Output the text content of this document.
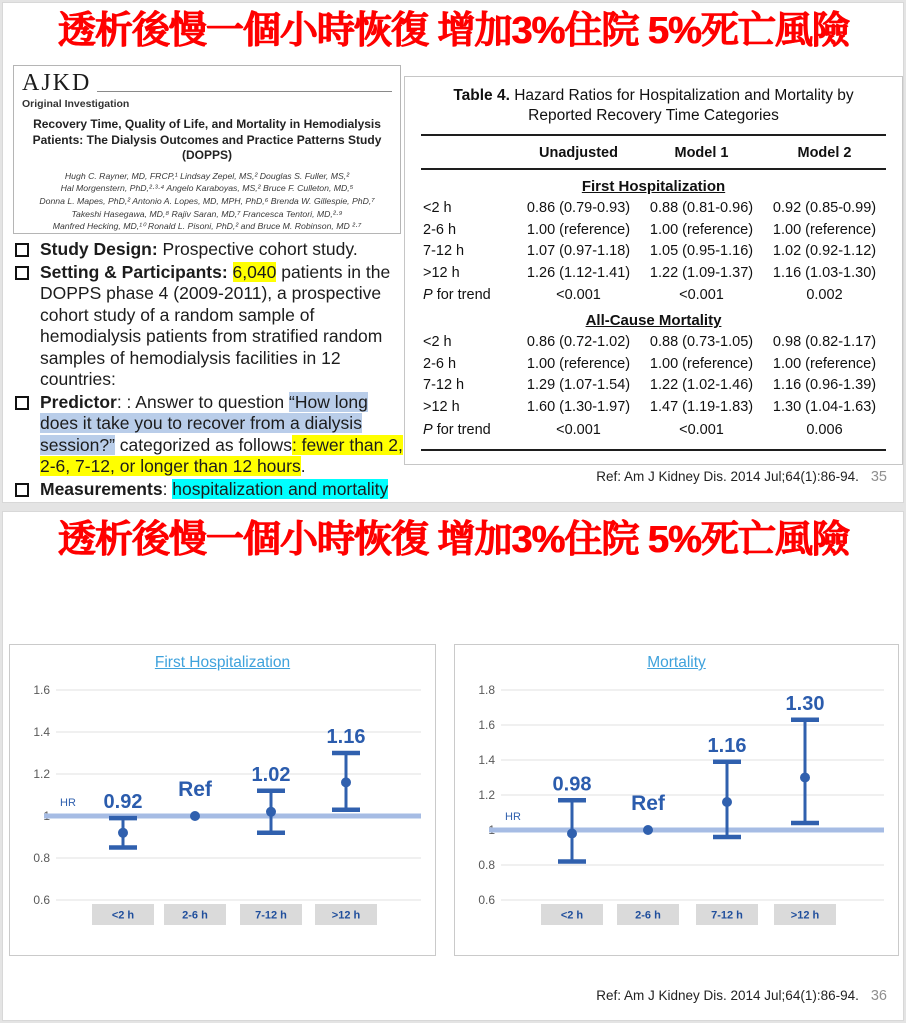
透析後慢一個小時恢復 增加3%住院 5%死亡風險
AJKD
Original Investigation
Recovery Time, Quality of Life, and Mortality in Hemodialysis Patients: The Dialysis Outcomes and Practice Patterns Study (DOPPS)
Hugh C. Rayner, MD, FRCP,¹ Lindsay Zepel, MS,² Douglas S. Fuller, MS,²
Hal Morgenstern, PhD,²·³·⁴ Angelo Karaboyas, MS,² Bruce F. Culleton, MD,⁵
Donna L. Mapes, PhD,² Antonio A. Lopes, MD, MPH, PhD,⁶ Brenda W. Gillespie, PhD,⁷
Takeshi Hasegawa, MD,⁸ Rajiv Saran, MD,⁷ Francesca Tentori, MD,²·⁹
Manfred Hecking, MD,¹⁰ Ronald L. Pisoni, PhD,² and Bruce M. Robinson, MD ²·⁷
Study Design: Prospective cohort study.
Setting & Participants: 6,040 patients in the DOPPS phase 4 (2009-2011), a prospective cohort study of a random sample of hemodialysis patients from stratified random samples of hemodialysis facilities in 12 countries:
Predictor: : Answer to question “How long does it take you to recover from a dialysis session?” categorized as follows: fewer than 2, 2-6, 7-12, or longer than 12 hours.
Measurements: hospitalization and mortality
Table 4. Hazard Ratios for Hospitalization and Mortality by Reported Recovery Time Categories
Unadjusted	Model 1	Model 2
First Hospitalization
<2 h	0.86 (0.79-0.93)	0.88 (0.81-0.96)	0.92 (0.85-0.99)
2-6 h	1.00 (reference)	1.00 (reference)	1.00 (reference)
7-12 h	1.07 (0.97-1.18)	1.05 (0.95-1.16)	1.02 (0.92-1.12)
>12 h	1.26 (1.12-1.41)	1.22 (1.09-1.37)	1.16 (1.03-1.30)
P for trend	<0.001	<0.001	0.002
All-Cause Mortality
<2 h	0.86 (0.72-1.02)	0.88 (0.73-1.05)	0.98 (0.82-1.17)
2-6 h	1.00 (reference)	1.00 (reference)	1.00 (reference)
7-12 h	1.29 (1.07-1.54)	1.22 (1.02-1.46)	1.16 (0.96-1.39)
>12 h	1.60 (1.30-1.97)	1.47 (1.19-1.83)	1.30 (1.04-1.63)
P for trend	<0.001	<0.001	0.006
Ref: Am J Kidney Dis. 2014 Jul;64(1):86-94. 35
透析後慢一個小時恢復 增加3%住院 5%死亡風險
First Hospitalization
0.6
0.8
1.2
1.4
1.6
HR
<2 h	2-6 h	7-12 h	>12 h
0.92
Ref
1.02
1.16
Mortality
0.6
0.8
1.2
1.4
1.6
1.8
HR
<2 h	2-6 h	7-12 h	>12 h
0.98
Ref
1.16
1.30
Ref: Am J Kidney Dis. 2014 Jul;64(1):86-94. 36
